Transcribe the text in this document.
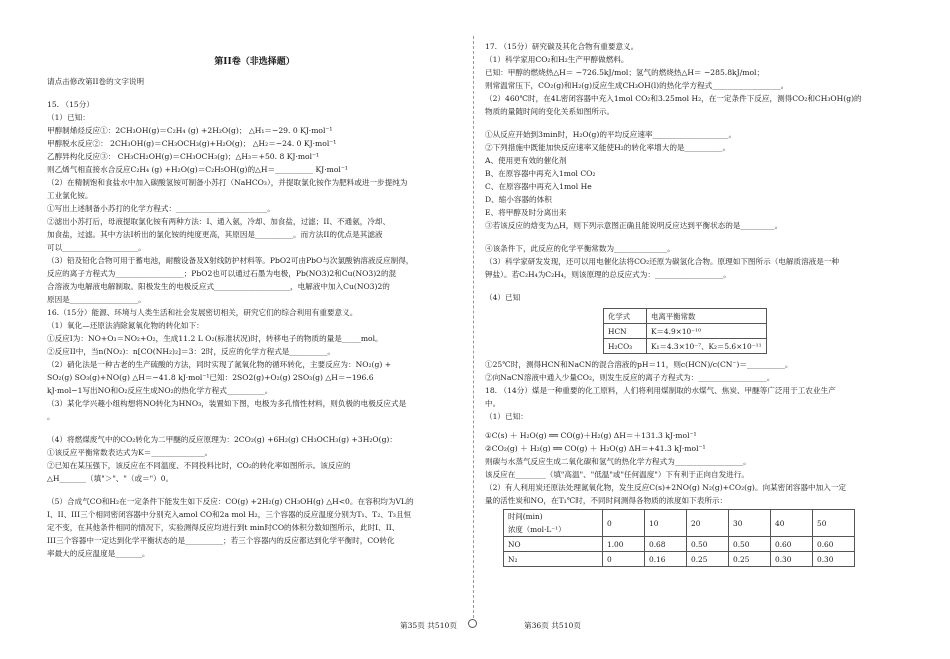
第II卷（非选择题）

请点击修改第II卷的文字说明

15. （15分）

（1）已知：

甲醇制烯烃反应①：2CH₃OH(g)＝C₂H₄ (g) +2H₂O(g)； △H₁＝−29. 0 KJ·mol⁻¹

甲醇脱水反应②： 2CH₃OH(g)＝CH₃OCH₃(g)+H₂O(g)； △H₂＝−24. 0 KJ·mol⁻¹

乙醇异构化反应③： CH₃CH₂OH(g)＝CH₃OCH₃(g)；△H₃＝+50. 8 KJ·mol⁻¹

则乙烯气相直接水合反应C₂H₄ (g) +H₂O(g)＝C₂H₅OH(g)的△H＝__________ KJ·mol⁻¹

（2）在精制饱和食盐水中加入碳酸氢铵可制备小苏打（NaHCO₃），并提取氯化铵作为肥料或进一步提纯为

工业氯化铵。

①写出上述制备小苏打的化学方程式：________________________。

②滤出小苏打后，母液提取氯化铵有两种方法：I、通入氨，冷却、加食盐，过滤；II、不通氨，冷却、

加食盐，过滤。其中方法I析出的氯化铵的纯度更高，其原因是__________。而方法II的优点是其滤液

可以____________________。

（3）铅及铅化合物可用于蓄电池，耐酸设备及X射线防护材料等。PbO2可由PbO与次氯酸钠溶液反应制得，

反应的离子方程式为__________________；PbO2也可以通过石墨为电极，Pb(NO3)2和Cu(NO3)2的混

合溶液为电解液电解制取。阳极发生的电极反应式____________________，电解液中加入Cu(NO3)2的

原因是__________________。

16.（15分）能源、环境与人类生活和社会发展密切相关，研究它们的综合利用有重要意义。

（1）氧化—还原法消除氮氧化物的转化如下：

①反应I为：NO+O₃＝NO₂+O₂，生成11.2 L O₂(标准状况)时，转移电子的物质的量是_____mol。

②反应II中，当n(NO₂)：n[CO(NH₂)₂]＝3：2时，反应的化学方程式是__________。

（2）硝化法是一种古老的生产硫酸的方法，同时实现了氮氧化物的循环转化，主要反应为：NO₂(g) +

SO₂(g) SO₃(g)+NO(g) △H＝−41.8 kJ·mol⁻¹已知：2SO2(g)+O₂(g) 2SO₃(g) △H＝−196.6

kJ·mol−1写出NO和O₂反应生成NO₂的热化学方程式__________。

（3）某化学兴趣小组构想将NO转化为HNO₃，装置如下图，电极为多孔惰性材料，则负极的电极反应式是

。

（4）将燃煤废气中的CO₂转化为二甲醚的反应原理为：2CO₂(g) +6H₂(g) CH₃OCH₃(g) +3H₂O(g)：

①该反应平衡常数表达式为K＝______________。

②已知在某压强下，该反应在不同温度、不同投料比时，CO₂的转化率如图所示。该反应的

△H_______（填"＞"、"（或＝"）0。

（5）合成气CO和H₂在一定条件下能发生如下反应：CO(g) +2H₂(g) CH₃OH(g) △H<0。在容积均为VL的

I、II、III三个相同密闭容器中分别充入amol CO和2a mol H₂，三个容器的反应温度分别为T₁、T₂、T₃且恒

定不变，在其他条件相同的情况下，实验测得反应均进行到t min时CO的体积分数如图所示，此时I、II、

III三个容器中一定达到化学平衡状态的是__________；若三个容器内的反应都达到化学平衡时，CO转化

率最大的反应温度是_______。

17. （15分）研究碳及其化合物有重要意义。

（1）科学家用CO₂和H₂生产甲醇做燃料。

已知：甲醇的燃烧热△H＝ −726.5kJ/mol；氢气的燃烧热△H＝ −285.8kJ/mol；

则常温常压下，CO₂(g)和H₂(g)反应生成CH₃OH(l)的热化学方程式__________________。

（2）460℃时，在4L密闭容器中充入1mol CO₂和3.25mol H₂，在一定条件下反应，测得CO₂和CH₃OH(g)的

物质的量随时间的变化关系如图所示。

①从反应开始到3min时，H₂O(g)的平均反应速率____________________。

②下列措施中既能加快反应速率又能使H₂的转化率增大的是__________。

A、使用更有效的催化剂

B、在原容器中再充入1mol CO₂

C、在原容器中再充入1mol He

D、缩小容器的体积

E、将甲醇及时分离出来

③若该反应的焓变为△H，则下列示意图正确且能说明反应达到平衡状态的是_________。

④该条件下，此反应的化学平衡常数为______________。

（3）科学家研发发现，还可以用电催化法将CO₂还原为碳氢化合物。原理如下图所示（电解质溶液是一种

钾盐）。若C₂H₄为C₂H₄，则该原理的总反应式为：__________________。

（4）已知

化学式	电离平衡常数
HCN	K＝4.9×10⁻¹⁰
H₂CO₃	K₁＝4.3×10⁻⁷、K₂＝5.6×10⁻¹¹

①25℃时，测得HCN和NaCN的混合溶液的pH＝11，则c(HCN)/c(CN⁻)＝__________。

②向NaCN溶液中通入少量CO₂，则发生反应的离子方程式为：__________________。

18. （14分）煤是一种重要的化工原料，人们将利用煤制取的水煤气、焦炭、甲醚等广泛用于工农业生产

中。

（1）已知：

①C(s) ＋ H₂O(g) ══ CO(g)＋H₂(g) ΔH＝＋131.3 kJ·mol⁻¹

②CO₂(g) ＋ H₂(g) ══ CO(g) ＋ H₂O(g) ΔH＝+41.3 kJ·mol⁻¹

则碳与水蒸气反应生成二氧化碳和氢气的热化学方程式为__________________。

该反应在________（填"高温"、"低温"或"任何温度"）下有利于正向自发进行。

（2）有人利用炭还原法处理氮氧化物，发生反应C(s)+2NO(g) N₂(g)+CO₂(g)。向某密闭容器中加入一定

量的活性炭和NO，在T₁℃时，不同时间测得各物质的浓度如下表所示：

时间(min)
浓度（mol·L⁻¹）	0	10	20	30	40	50
NO	1.00	0.68	0.50	0.50	0.60	0.60
N₂	0	0.16	0.25	0.25	0.30	0.30
第35页 共510页	第36页 共510页
